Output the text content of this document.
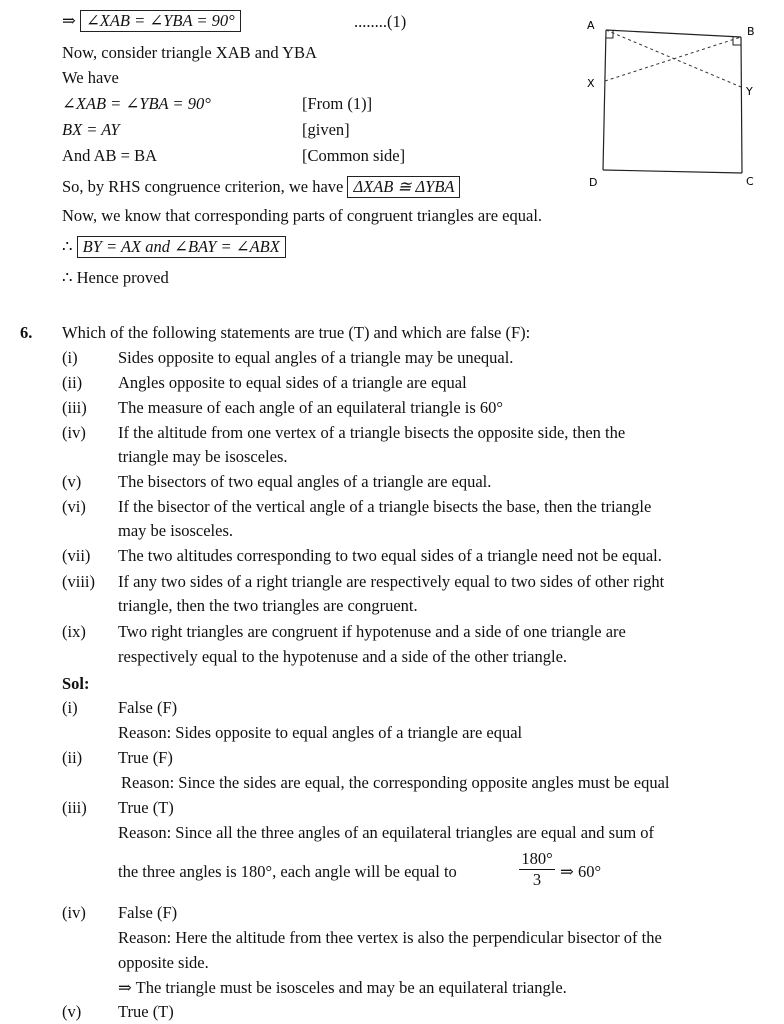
⇒ ∠XAB = ∠YBA = 90°	........(1)
Now, consider triangle XAB and YBA
We have
∠XAB = ∠YBA = 90°	[From (1)]
BX = AY	[given]
And AB = BA	[Common side]
So, by RHS congruence criterion, we have ΔXAB ≅ ΔYBA
Now, we know that corresponding parts of congruent triangles are equal.
∴ BY = AX and ∠BAY = ∠ABX
∴ Hence proved
A	B
X
Y
D	C
6. Which of the following statements are true (T) and which are false (F):
(i) Sides opposite to equal angles of a triangle may be unequal.
(ii) Angles opposite to equal sides of a triangle are equal
(iii) The measure of each angle of an equilateral triangle is 60°
(iv) If the altitude from one vertex of a triangle bisects the opposite side, then the
triangle may be isosceles.
(v) The bisectors of two equal angles of a triangle are equal.
(vi) If the bisector of the vertical angle of a triangle bisects the base, then the triangle
may be isosceles.
(vii) The two altitudes corresponding to two equal sides of a triangle need not be equal.
(viii) If any two sides of a right triangle are respectively equal to two sides of other right
triangle, then the two triangles are congruent.
(ix) Two right triangles are congruent if hypotenuse and a side of one triangle are
respectively equal to the hypotenuse and a side of the other triangle.
Sol:
(i) False (F)
Reason: Sides opposite to equal angles of a triangle are equal
(ii) True (F)
Reason: Since the sides are equal, the corresponding opposite angles must be equal
(iii) True (T)
Reason: Since all the three angles of an equilateral triangles are equal and sum of
the three angles is 180°, each angle will be equal to
180°
3	⇒ 60°
(iv) False (F)
Reason: Here the altitude from thee vertex is also the perpendicular bisector of the
opposite side.
⇒ The triangle must be isosceles and may be an equilateral triangle.
(v) True (T)
